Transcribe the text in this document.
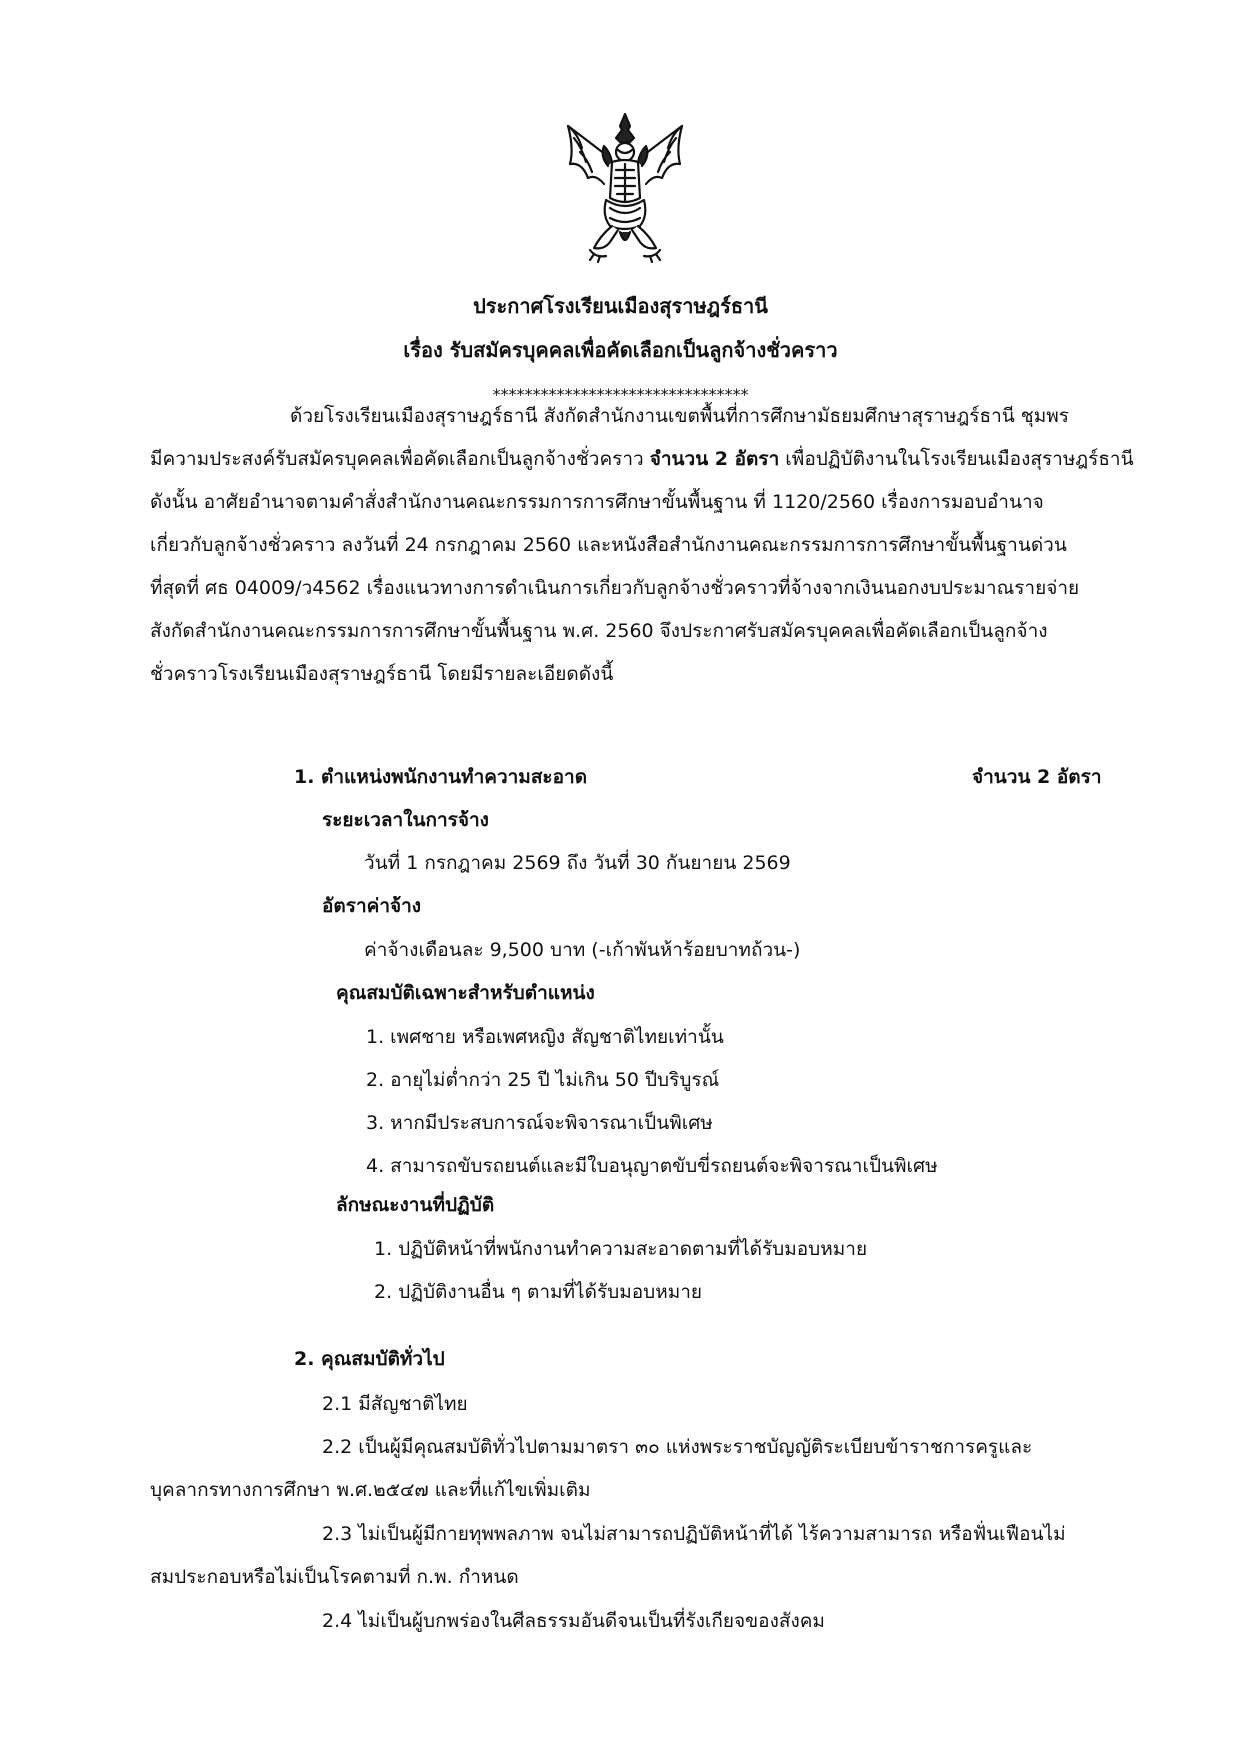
ประกาศโรงเรียนเมืองสุราษฎร์ธานี
เรื่อง รับสมัครบุคคลเพื่อคัดเลือกเป็นลูกจ้างชั่วคราว
********************************
ด้วยโรงเรียนเมืองสุราษฎร์ธานี สังกัดสำนักงานเขตพื้นที่การศึกษามัธยมศึกษาสุราษฎร์ธานี ชุมพร
มีความประสงค์รับสมัครบุคคลเพื่อคัดเลือกเป็นลูกจ้างชั่วคราว จำนวน 2 อัตรา เพื่อปฏิบัติงานในโรงเรียนเมืองสุราษฎร์ธานี
ดังนั้น อาศัยอำนาจตามคำสั่งสำนักงานคณะกรรมการการศึกษาขั้นพื้นฐาน ที่ 1120/2560 เรื่องการมอบอำนาจ
เกี่ยวกับลูกจ้างชั่วคราว ลงวันที่ 24 กรกฎาคม 2560 และหนังสือสำนักงานคณะกรรมการการศึกษาขั้นพื้นฐานด่วน
ที่สุดที่ ศธ 04009/ว4562 เรื่องแนวทางการดำเนินการเกี่ยวกับลูกจ้างชั่วคราวที่จ้างจากเงินนอกงบประมาณรายจ่าย
สังกัดสำนักงานคณะกรรมการการศึกษาขั้นพื้นฐาน พ.ศ. 2560 จึงประกาศรับสมัครบุคคลเพื่อคัดเลือกเป็นลูกจ้าง
ชั่วคราวโรงเรียนเมืองสุราษฎร์ธานี โดยมีรายละเอียดดังนี้
1. ตำแหน่งพนักงานทำความสะอาด	จำนวน 2 อัตรา
ระยะเวลาในการจ้าง
วันที่ 1 กรกฎาคม 2569 ถึง วันที่ 30 กันยายน 2569
อัตราค่าจ้าง
ค่าจ้างเดือนละ 9,500 บาท (-เก้าพันห้าร้อยบาทถ้วน-)
คุณสมบัติเฉพาะสำหรับตำแหน่ง
1. เพศชาย หรือเพศหญิง สัญชาติไทยเท่านั้น
2. อายุไม่ต่ำกว่า 25 ปี ไม่เกิน 50 ปีบริบูรณ์
3. หากมีประสบการณ์จะพิจารณาเป็นพิเศษ
4. สามารถขับรถยนต์และมีใบอนุญาตขับขี่รถยนต์จะพิจารณาเป็นพิเศษ
ลักษณะงานที่ปฏิบัติ
1. ปฏิบัติหน้าที่พนักงานทำความสะอาดตามที่ได้รับมอบหมาย
2. ปฏิบัติงานอื่น ๆ ตามที่ได้รับมอบหมาย
2. คุณสมบัติทั่วไป
2.1 มีสัญชาติไทย
2.2 เป็นผู้มีคุณสมบัติทั่วไปตามมาตรา ๓๐ แห่งพระราชบัญญัติระเบียบข้าราชการครูและ
บุคลากรทางการศึกษา พ.ศ.๒๕๔๗ และที่แก้ไขเพิ่มเติม
2.3 ไม่เป็นผู้มีกายทุพพลภาพ จนไม่สามารถปฏิบัติหน้าที่ได้ ไร้ความสามารถ หรือฟั่นเฟือนไม่
สมประกอบหรือไม่เป็นโรคตามที่ ก.พ. กำหนด
2.4 ไม่เป็นผู้บกพร่องในศีลธรรมอันดีจนเป็นที่รังเกียจของสังคม
